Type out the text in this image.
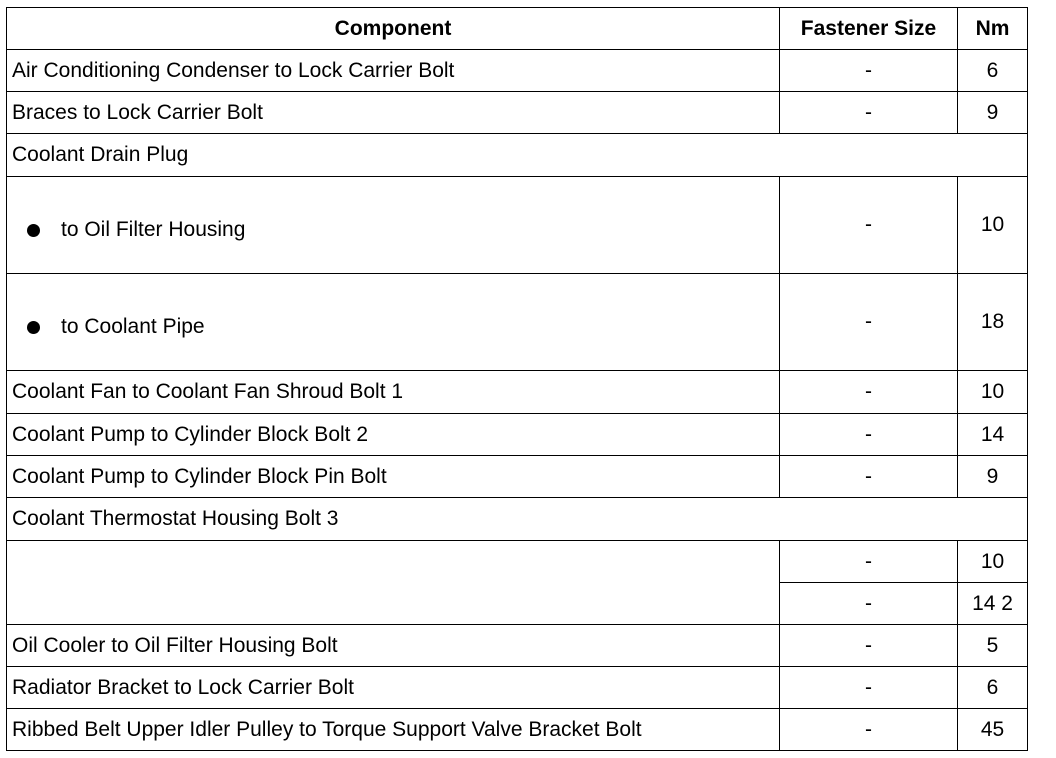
Component	Fastener Size	Nm

Air Conditioning Condenser to Lock Carrier Bolt	-	6

Braces to Lock Carrier Bolt	-	9

Coolant Drain Plug		

to Oil Filter Housing	-	10

to Coolant Pipe	-	18

Coolant Fan to Coolant Fan Shroud Bolt 1	-	10

Coolant Pump to Cylinder Block Bolt 2	-	14

Coolant Pump to Cylinder Block Pin Bolt	-	9

Coolant Thermostat Housing Bolt 3		

	-	10
	-	14 2

Oil Cooler to Oil Filter Housing Bolt	-	5

Radiator Bracket to Lock Carrier Bolt	-	6

Ribbed Belt Upper Idler Pulley to Torque Support Valve Bracket Bolt	-	45
